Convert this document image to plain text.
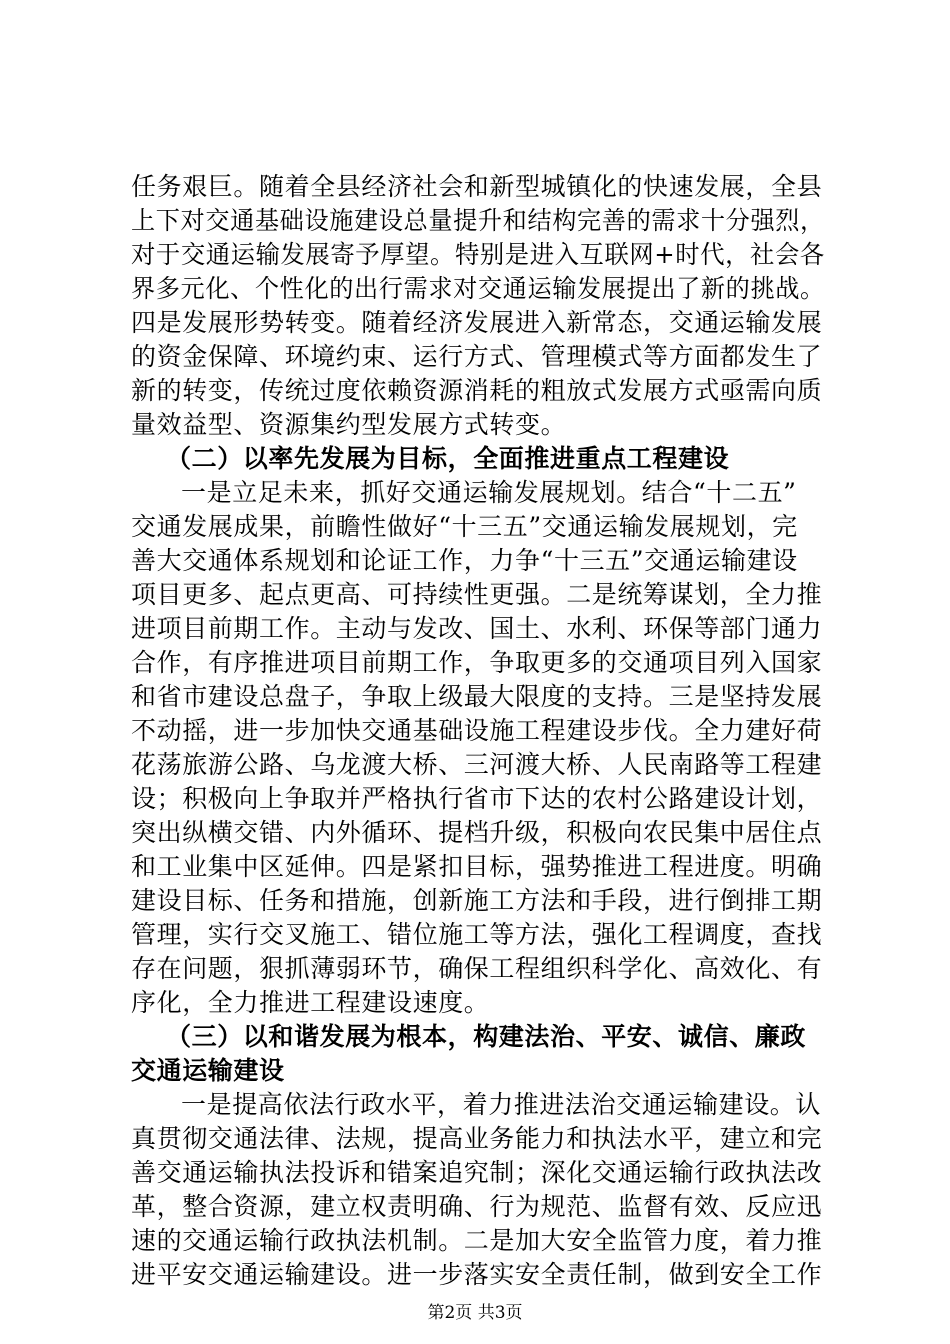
任务艰巨。随着全县经济社会和新型城镇化的快速发展，全县
上下对交通基础设施建设总量提升和结构完善的需求十分强烈，
对于交通运输发展寄予厚望。特别是进入互联网+时代，社会各
界多元化、个性化的出行需求对交通运输发展提出了新的挑战。
四是发展形势转变。随着经济发展进入新常态，交通运输发展
的资金保障、环境约束、运行方式、管理模式等方面都发生了
新的转变，传统过度依赖资源消耗的粗放式发展方式亟需向质
量效益型、资源集约型发展方式转变。
（二）以率先发展为目标，全面推进重点工程建设
一是立足未来，抓好交通运输发展规划。结合“十二五”
交通发展成果，前瞻性做好“十三五”交通运输发展规划，完
善大交通体系规划和论证工作，力争“十三五”交通运输建设
项目更多、起点更高、可持续性更强。二是统筹谋划，全力推
进项目前期工作。主动与发改、国土、水利、环保等部门通力
合作，有序推进项目前期工作，争取更多的交通项目列入国家
和省市建设总盘子，争取上级最大限度的支持。三是坚持发展
不动摇，进一步加快交通基础设施工程建设步伐。全力建好荷
花荡旅游公路、乌龙渡大桥、三河渡大桥、人民南路等工程建
设；积极向上争取并严格执行省市下达的农村公路建设计划，
突出纵横交错、内外循环、提档升级，积极向农民集中居住点
和工业集中区延伸。四是紧扣目标，强势推进工程进度。明确
建设目标、任务和措施，创新施工方法和手段，进行倒排工期
管理，实行交叉施工、错位施工等方法，强化工程调度，查找
存在问题，狠抓薄弱环节，确保工程组织科学化、高效化、有
序化，全力推进工程建设速度。
（三）以和谐发展为根本，构建法治、平安、诚信、廉政
交通运输建设
一是提高依法行政水平，着力推进法治交通运输建设。认
真贯彻交通法律、法规，提高业务能力和执法水平，建立和完
善交通运输执法投诉和错案追究制；深化交通运输行政执法改
革，整合资源，建立权责明确、行为规范、监督有效、反应迅
速的交通运输行政执法机制。二是加大安全监管力度，着力推
进平安交通运输建设。进一步落实安全责任制，做到安全工作
第2页 共3页
